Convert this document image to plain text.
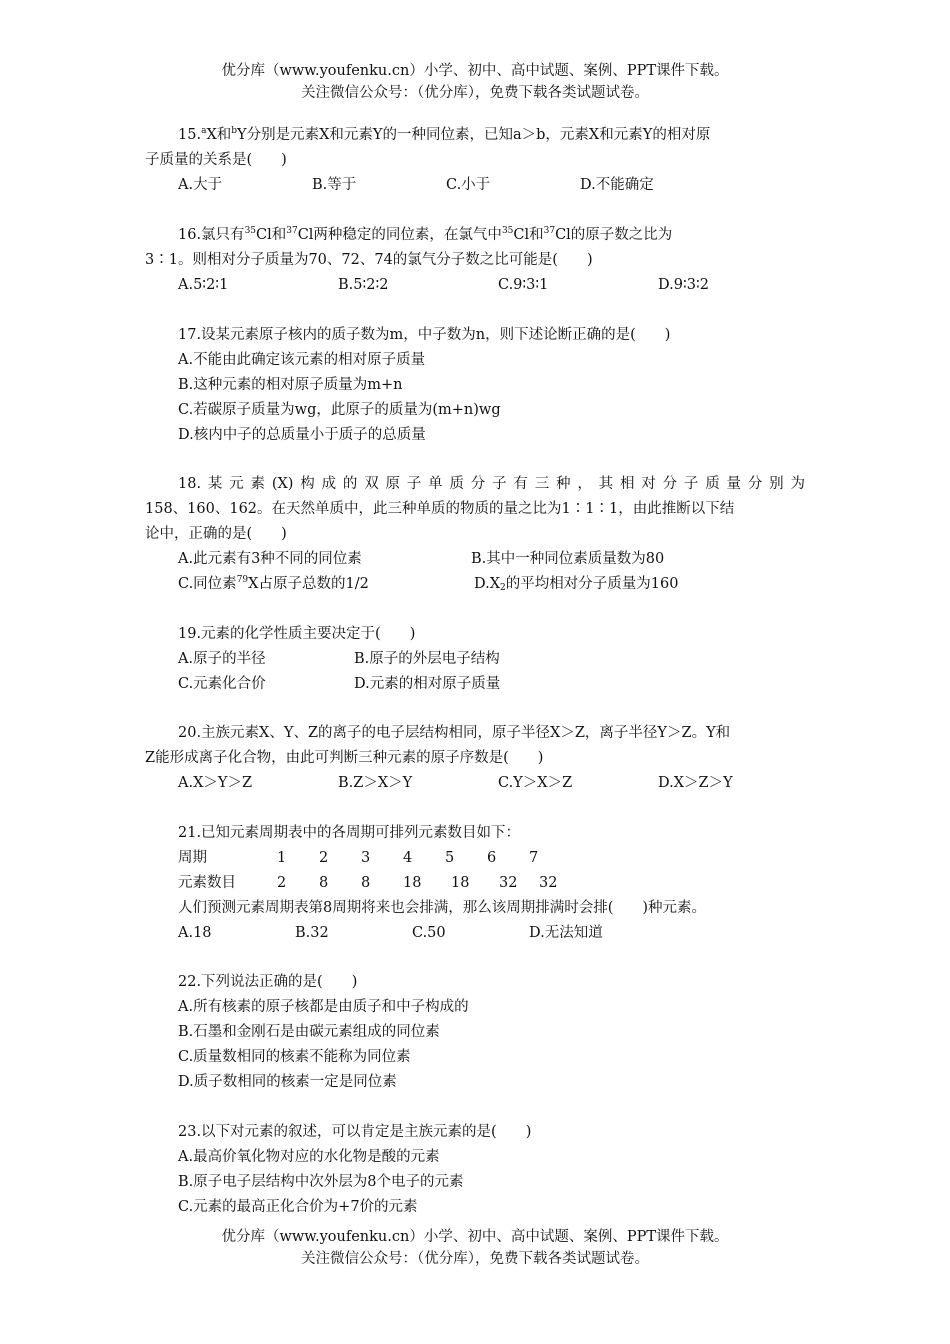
优分库（www.youfenku.cn）小学、初中、高中试题、案例、PPT课件下载。
关注微信公众号：（优分库），免费下载各类试题试卷。
15.$^a$X和$^b$Y分别是元素X和元素Y的一种同位素，已知a＞b，元素X和元素Y的相对原
子质量的关系是(　　)
A.大于	B.等于	C.小于	D.不能确定
16.氯只有$^{35}$Cl和$^{37}$Cl两种稳定的同位素，在氯气中$^{35}$Cl和$^{37}$Cl的原子数之比为
3∶1。则相对分子质量为70、72、74的氯气分子数之比可能是(　　)
A.5∶2∶1	B.5∶2∶2	C.9∶3∶1	D.9∶3∶2
17.设某元素原子核内的质子数为m，中子数为n，则下述论断正确的是(　　)
A.不能由此确定该元素的相对原子质量
B.这种元素的相对原子质量为m+n
C.若碳原子质量为wg，此原子的质量为(m+n)wg
D.核内中子的总质量小于质子的总质量
18.某元素(X)构成的双原子单质分子有三种，其相对分子质量分别为
158、160、162。在天然单质中，此三种单质的物质的量之比为1∶1∶1，由此推断以下结
论中，正确的是(　　)
A.此元素有3种不同的同位素	B.其中一种同位素质量数为80
C.同位素$^{79}$X占原子总数的1/2	$D.X_2$的平均相对分子质量为160
19.元素的化学性质主要决定于(　　)
A.原子的半径	B.原子的外层电子结构
C.元素化合价	D.元素的相对原子质量
20.主族元素X、Y、Z的离子的电子层结构相同，原子半径X＞Z，离子半径Y＞Z。Y和
Z能形成离子化合物，由此可判断三种元素的原子序数是(　　)
A.X＞Y＞Z	B.Z＞X＞Y	C.Y＞X＞Z	D.X＞Z＞Y
21.已知元素周期表中的各周期可排列元素数目如下：
周期	1	2	3	4	5	6	7
元素数目	2	8	8	18	18	32	32
人们预测元素周期表第8周期将来也会排满，那么该周期排满时会排(　　)种元素。
A.18	B.32	C.50	D.无法知道
22.下列说法正确的是(　　)
A.所有核素的原子核都是由质子和中子构成的
B.石墨和金刚石是由碳元素组成的同位素
C.质量数相同的核素不能称为同位素
D.质子数相同的核素一定是同位素
23.以下对元素的叙述，可以肯定是主族元素的是(　　)
A.最高价氧化物对应的水化物是酸的元素
B.原子电子层结构中次外层为8个电子的元素
C.元素的最高正化合价为+7价的元素
优分库（www.youfenku.cn）小学、初中、高中试题、案例、PPT课件下载。
关注微信公众号：（优分库），免费下载各类试题试卷。
